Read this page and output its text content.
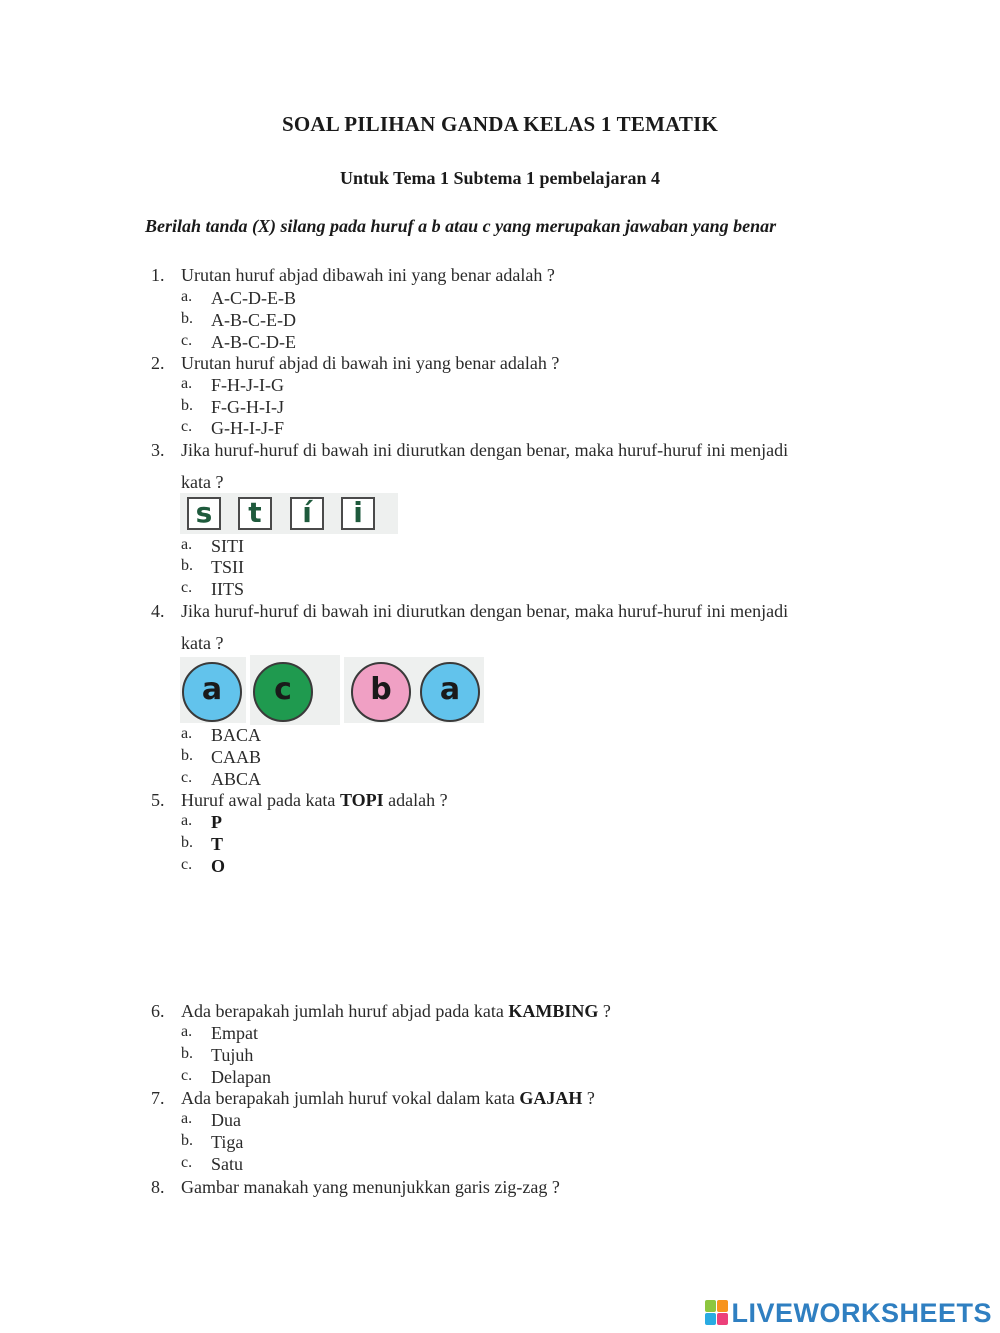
SOAL PILIHAN GANDA KELAS 1 TEMATIK
Untuk Tema 1 Subtema 1 pembelajaran 4
Berilah tanda (X) silang pada huruf a b atau c yang merupakan jawaban yang benar
1. Urutan huruf abjad dibawah ini yang benar adalah ?
a. A-C-D-E-B
b. A-B-C-E-D
c. A-B-C-D-E
2. Urutan huruf abjad di bawah ini yang benar adalah ?
a. F-H-J-I-G
b. F-G-H-I-J
c. G-H-I-J-F
3. Jika huruf-huruf di bawah ini diurutkan dengan benar, maka huruf-huruf ini menjadi
kata ?
s	t	í	i
a. SITI
b. TSII
c. IITS
4. Jika huruf-huruf di bawah ini diurutkan dengan benar, maka huruf-huruf ini menjadi
kata ?
a	c	b	a
a. BACA
b. CAAB
c. ABCA
5. Huruf awal pada kata TOPI adalah ?
a. P
b. T
c. O
6. Ada berapakah jumlah huruf abjad pada kata KAMBING ?
a. Empat
b. Tujuh
c. Delapan
7. Ada berapakah jumlah huruf vokal dalam kata GAJAH ?
a. Dua
b. Tiga
c. Satu
8. Gambar manakah yang menunjukkan garis zig-zag ?
LIVEWORKSHEETS
